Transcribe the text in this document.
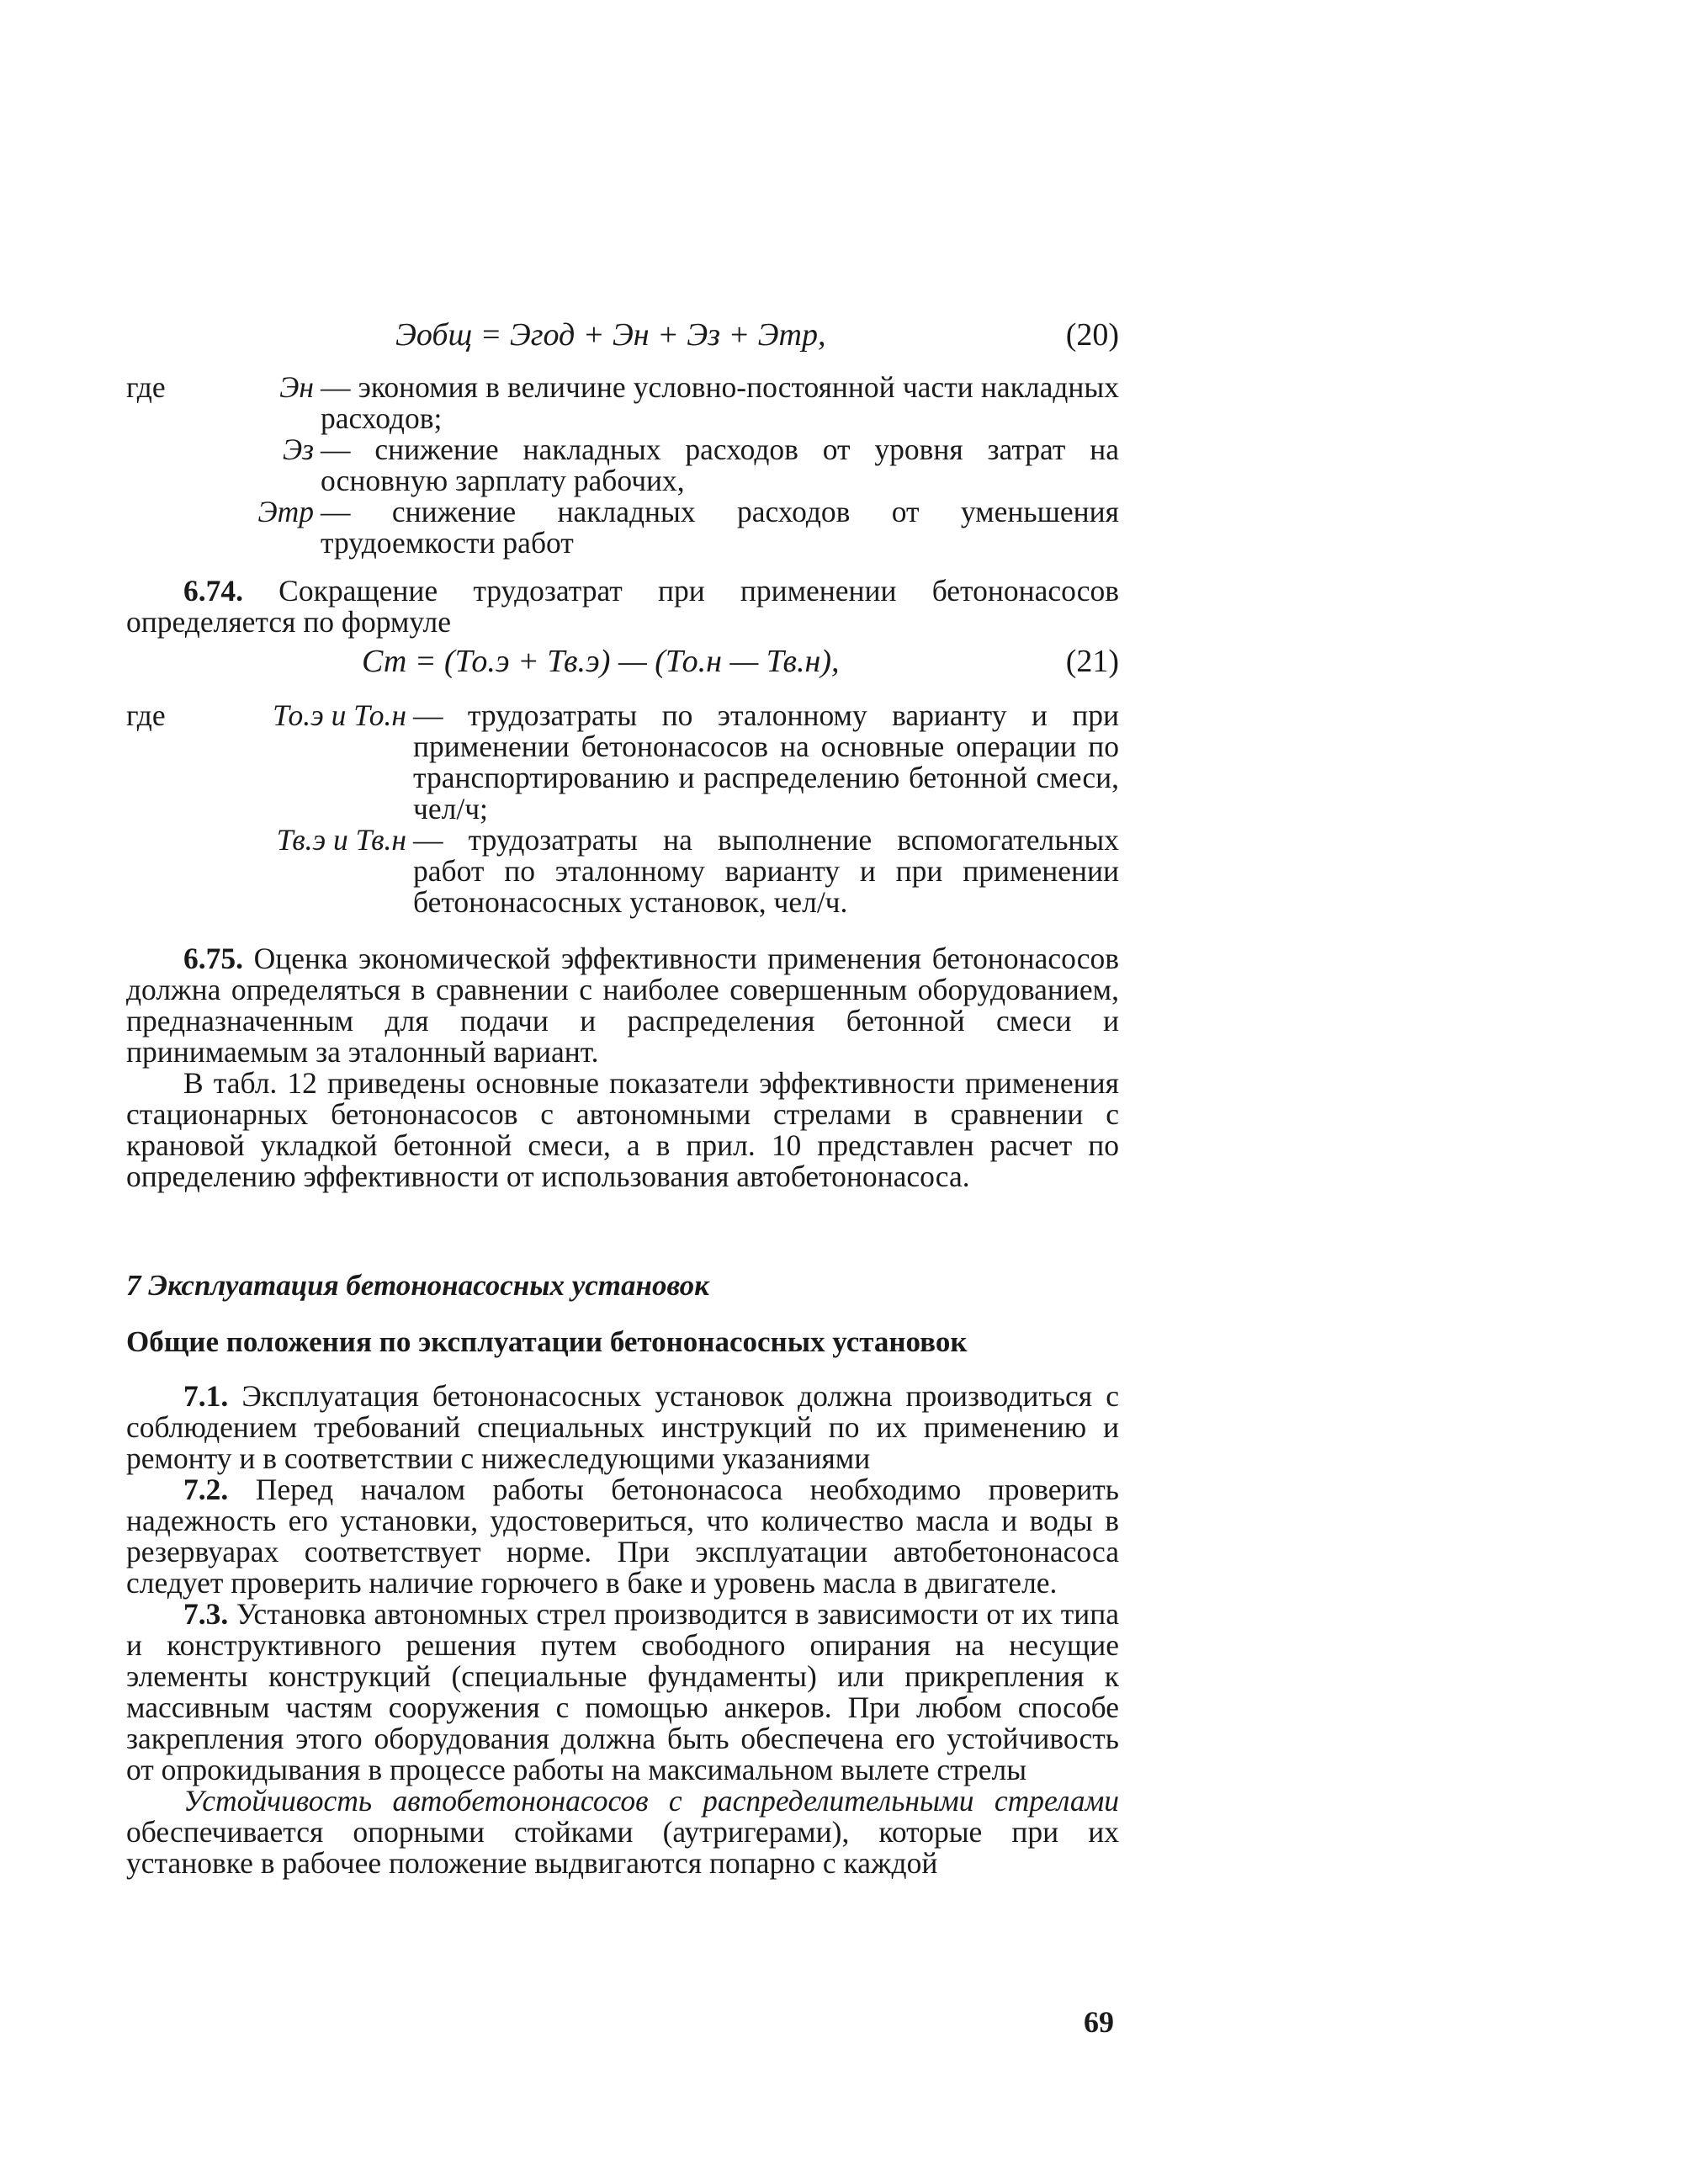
Эобщ = Эгод + Эн + Эз + Этр,	(20)
где	Эн — экономия в величине условно-постоянной части накладных расходов;
Эз — снижение накладных расходов от уровня затрат на основную зарплату рабочих,
Этр — снижение накладных расходов от уменьшения трудоемкости работ

6.74. Сокращение трудозатрат при применении бетононасосов определяется по формуле

Ст = (То.э + Тв.э) — (То.н — Тв.н),	(21)
где	То.э и То.н — трудозатраты по эталонному варианту и при применении бетононасосов на основные операции по транспортированию и распределению бетонной смеси, чел/ч;
Тв.э и Тв.н — трудозатраты на выполнение вспомогательных работ по эталонному варианту и при применении бетононасосных установок, чел/ч.

6.75. Оценка экономической эффективности применения бетононасосов должна определяться в сравнении с наиболее совершенным оборудованием, предназначенным для подачи и распределения бетонной смеси и принимаемым за эталонный вариант.

В табл. 12 приведены основные показатели эффективности применения стационарных бетононасосов с автономными стрелами в сравнении с крановой укладкой бетонной смеси, а в прил. 10 представлен расчет по определению эффективности от использования автобетононасоса.

7 Эксплуатация бетононасосных установок
Общие положения по эксплуатации бетононасосных установок

7.1. Эксплуатация бетононасосных установок должна производиться с соблюдением требований специальных инструкций по их применению и ремонту и в соответствии с нижеследующими указаниями

7.2. Перед началом работы бетононасоса необходимо проверить надежность его установки, удостовериться, что количество масла и воды в резервуарах соответствует норме. При эксплуатации автобетононасоса следует проверить наличие горючего в баке и уровень масла в двигателе.

7.3. Установка автономных стрел производится в зависимости от их типа и конструктивного решения путем свободного опирания на несущие элементы конструкций (специальные фундаменты) или прикрепления к массивным частям сооружения с помощью анкеров. При любом способе закрепления этого оборудования должна быть обеспечена его устойчивость от опрокидывания в процессе работы на максимальном вылете стрелы

Устойчивость автобетононасосов с распределительными стрелами обеспечивается опорными стойками (аутригерами), которые при их установке в рабочее положение выдвигаются попарно с каждой

69
